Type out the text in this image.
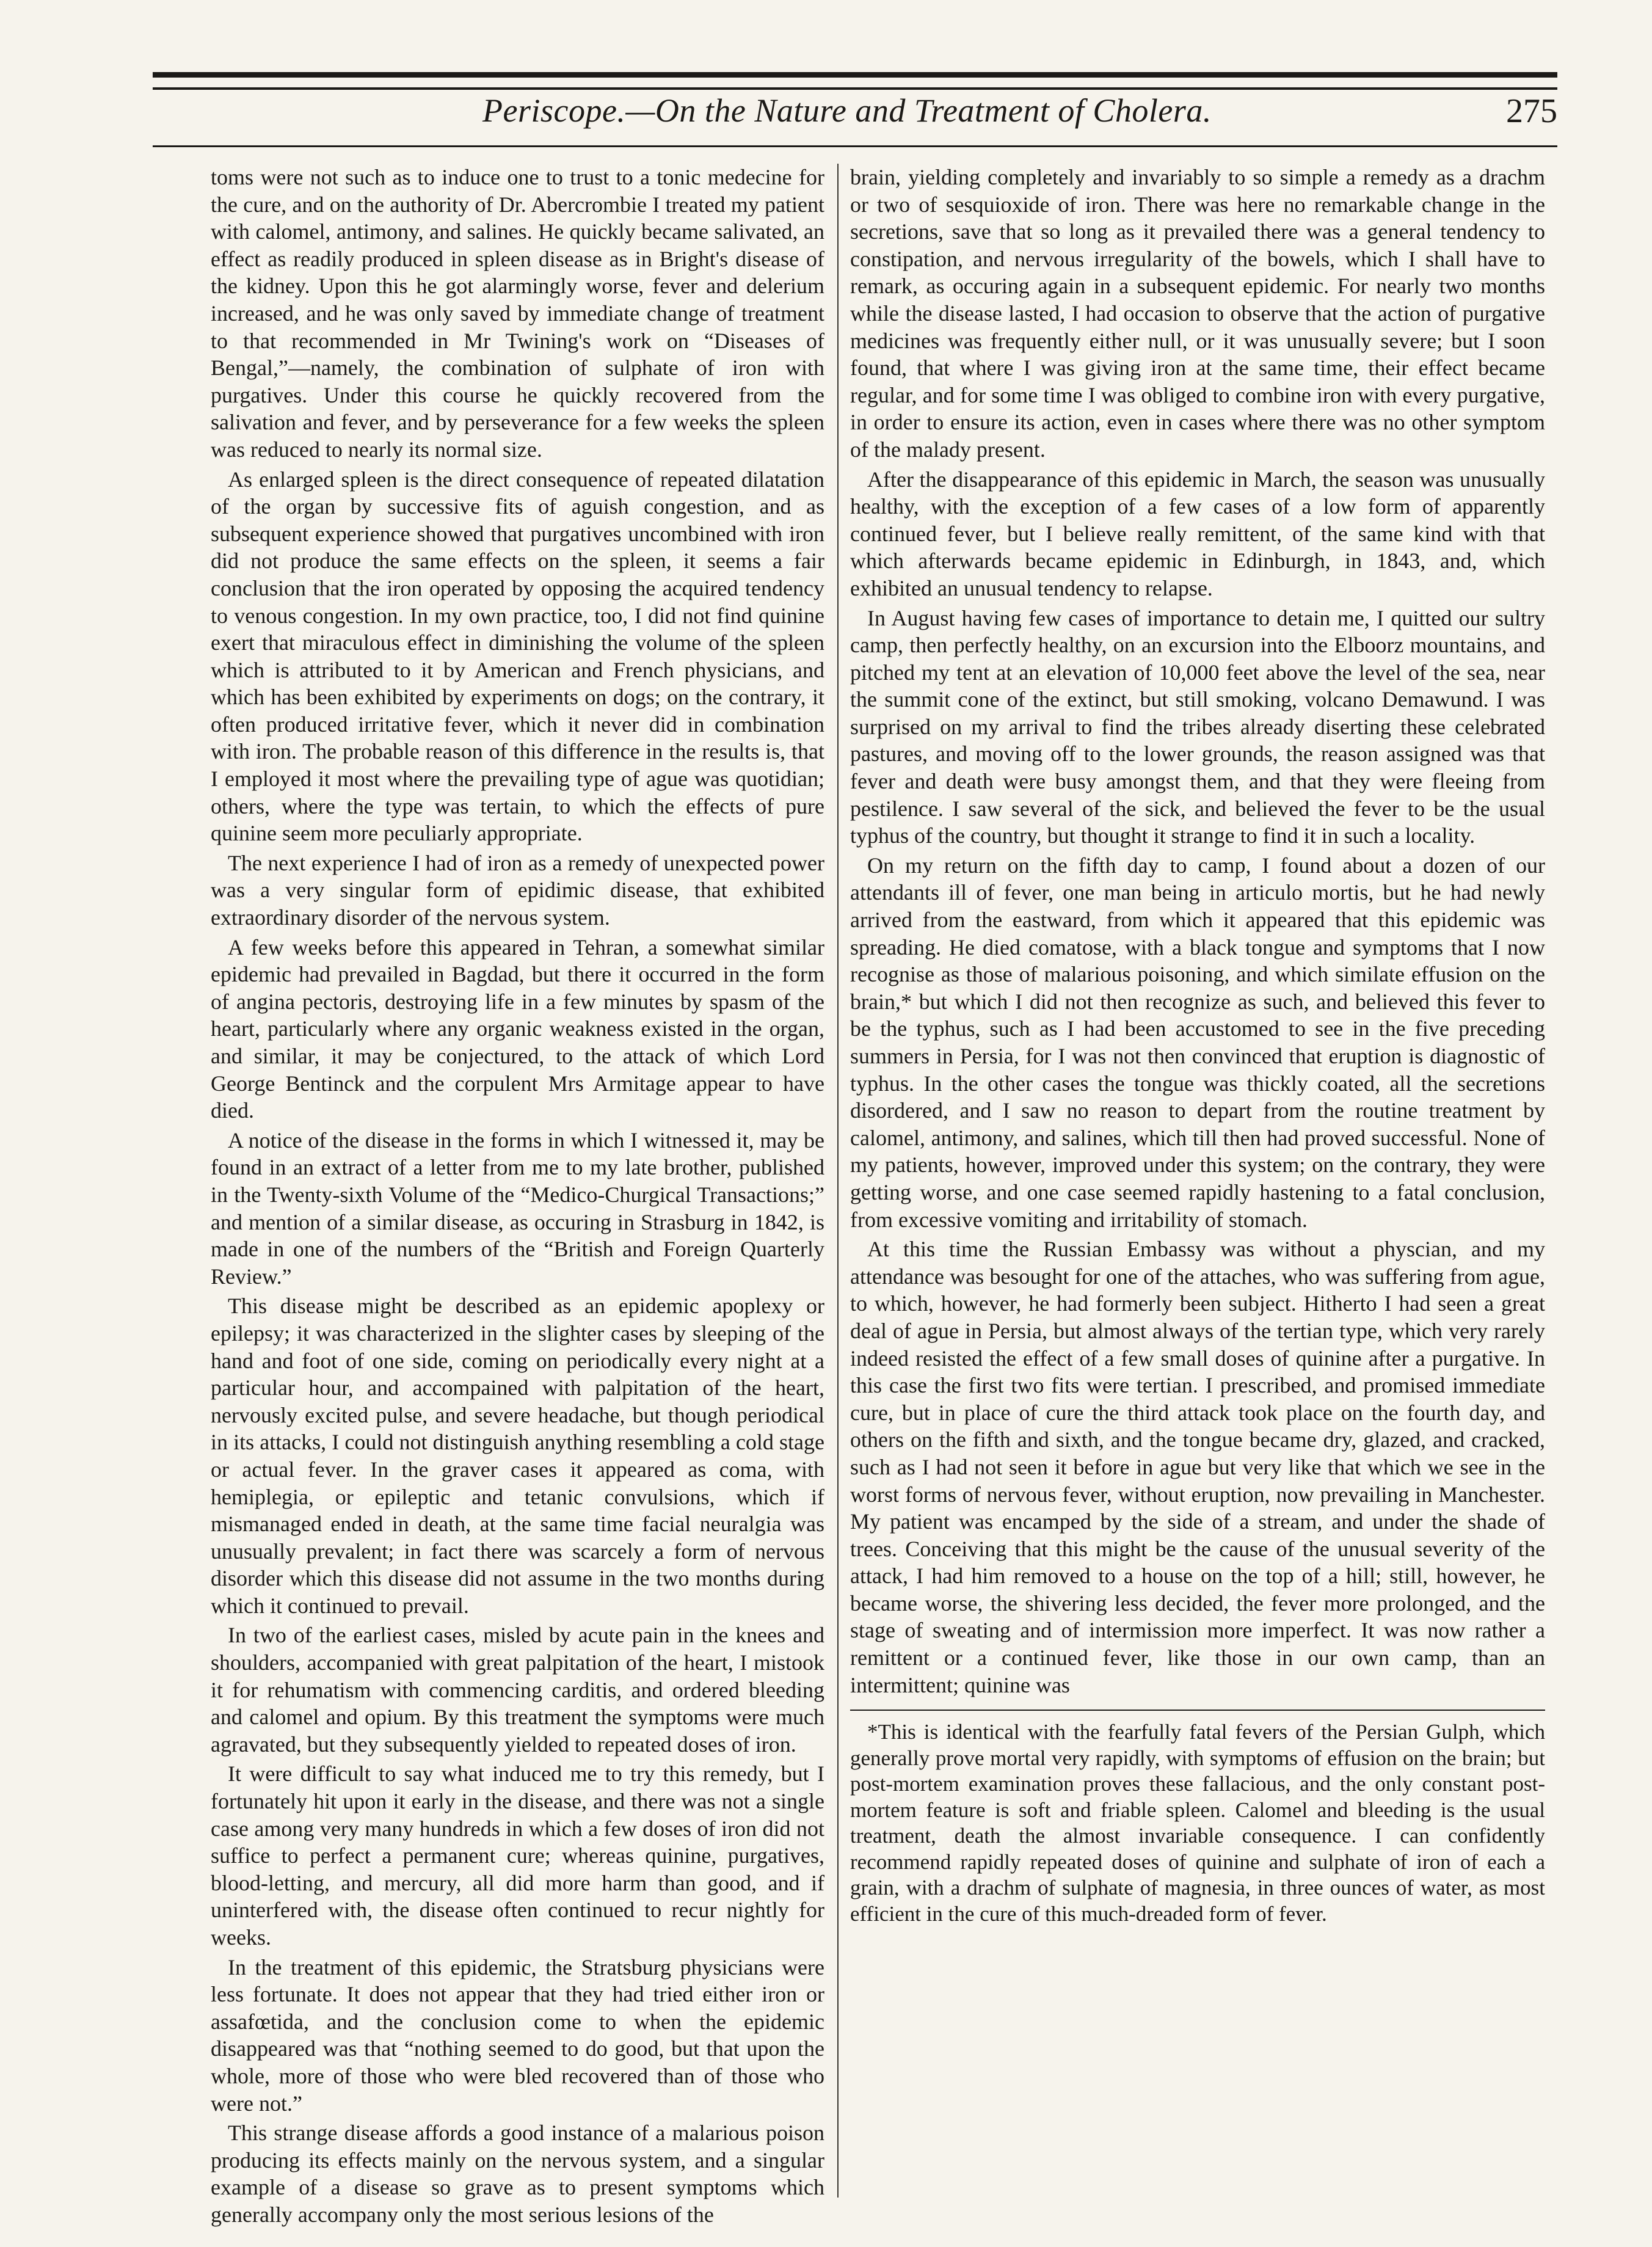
Periscope.—On the Nature and Treatment of Cholera.	275

toms were not such as to induce one to trust to a tonic medecine for the cure, and on the authority of Dr. Abercrombie I treated my patient with calomel, antimony, and salines. He quickly became salivated, an effect as readily produced in spleen disease as in Bright's disease of the kidney. Upon this he got alarmingly worse, fever and delerium increased, and he was only saved by immediate change of treatment to that recommended in Mr Twining's work on “Diseases of Bengal,”—namely, the combination of sulphate of iron with purgatives. Under this course he quickly recovered from the salivation and fever, and by perseverance for a few weeks the spleen was reduced to nearly its normal size.

As enlarged spleen is the direct consequence of repeated dilatation of the organ by successive fits of aguish congestion, and as subsequent experience showed that purgatives uncombined with iron did not produce the same effects on the spleen, it seems a fair conclusion that the iron operated by opposing the acquired tendency to venous congestion. In my own practice, too, I did not find quinine exert that miraculous effect in diminishing the volume of the spleen which is attributed to it by American and French physicians, and which has been exhibited by experiments on dogs; on the contrary, it often produced irritative fever, which it never did in combination with iron. The probable reason of this difference in the results is, that I employed it most where the prevailing type of ague was quotidian; others, where the type was tertain, to which the effects of pure quinine seem more peculiarly appropriate.

The next experience I had of iron as a remedy of unexpected power was a very singular form of epidimic disease, that exhibited extraordinary disorder of the nervous system.

A few weeks before this appeared in Tehran, a somewhat similar epidemic had prevailed in Bagdad, but there it occurred in the form of angina pectoris, destroying life in a few minutes by spasm of the heart, particularly where any organic weakness existed in the organ, and similar, it may be conjectured, to the attack of which Lord George Bentinck and the corpulent Mrs Armitage appear to have died.

A notice of the disease in the forms in which I witnessed it, may be found in an extract of a letter from me to my late brother, published in the Twenty-sixth Volume of the “Medico-Churgical Transactions;” and mention of a similar disease, as occuring in Strasburg in 1842, is made in one of the numbers of the “British and Foreign Quarterly Review.”

This disease might be described as an epidemic apoplexy or epilepsy; it was characterized in the slighter cases by sleeping of the hand and foot of one side, coming on periodically every night at a particular hour, and accompained with palpitation of the heart, nervously excited pulse, and severe headache, but though periodical in its attacks, I could not distinguish anything resembling a cold stage or actual fever. In the graver cases it appeared as coma, with hemiplegia, or epileptic and tetanic convulsions, which if mismanaged ended in death, at the same time facial neuralgia was unusually prevalent; in fact there was scarcely a form of nervous disorder which this disease did not assume in the two months during which it continued to prevail.

In two of the earliest cases, misled by acute pain in the knees and shoulders, accompanied with great palpitation of the heart, I mistook it for rehumatism with commencing carditis, and ordered bleeding and calomel and opium. By this treatment the symptoms were much agravated, but they subsequently yielded to repeated doses of iron.

It were difficult to say what induced me to try this remedy, but I fortunately hit upon it early in the disease, and there was not a single case among very many hundreds in which a few doses of iron did not suffice to perfect a permanent cure; whereas quinine, purgatives, blood-letting, and mercury, all did more harm than good, and if uninterfered with, the disease often continued to recur nightly for weeks.

In the treatment of this epidemic, the Stratsburg physicians were less fortunate. It does not appear that they had tried either iron or assafœtida, and the conclusion come to when the epidemic disappeared was that “nothing seemed to do good, but that upon the whole, more of those who were bled recovered than of those who were not.”

This strange disease affords a good instance of a malarious poison producing its effects mainly on the nervous system, and a singular example of a disease so grave as to present symptoms which generally accompany only the most serious lesions of the

brain, yielding completely and invariably to so simple a remedy as a drachm or two of sesquioxide of iron. There was here no remarkable change in the secretions, save that so long as it prevailed there was a general tendency to constipation, and nervous irregularity of the bowels, which I shall have to remark, as occuring again in a subsequent epidemic. For nearly two months while the disease lasted, I had occasion to observe that the action of purgative medicines was frequently either null, or it was unusually severe; but I soon found, that where I was giving iron at the same time, their effect became regular, and for some time I was obliged to combine iron with every purgative, in order to ensure its action, even in cases where there was no other symptom of the malady present.

After the disappearance of this epidemic in March, the season was unusually healthy, with the exception of a few cases of a low form of apparently continued fever, but I believe really remittent, of the same kind with that which afterwards became epidemic in Edinburgh, in 1843, and, which exhibited an unusual tendency to relapse.

In August having few cases of importance to detain me, I quitted our sultry camp, then perfectly healthy, on an excursion into the Elboorz mountains, and pitched my tent at an elevation of 10,000 feet above the level of the sea, near the summit cone of the extinct, but still smoking, volcano Demawund. I was surprised on my arrival to find the tribes already diserting these celebrated pastures, and moving off to the lower grounds, the reason assigned was that fever and death were busy amongst them, and that they were fleeing from pestilence. I saw several of the sick, and believed the fever to be the usual typhus of the country, but thought it strange to find it in such a locality.

On my return on the fifth day to camp, I found about a dozen of our attendants ill of fever, one man being in articulo mortis, but he had newly arrived from the eastward, from which it appeared that this epidemic was spreading. He died comatose, with a black tongue and symptoms that I now recognise as those of malarious poisoning, and which similate effusion on the brain,* but which I did not then recognize as such, and believed this fever to be the typhus, such as I had been accustomed to see in the five preceding summers in Persia, for I was not then convinced that eruption is diagnostic of typhus. In the other cases the tongue was thickly coated, all the secretions disordered, and I saw no reason to depart from the routine treatment by calomel, antimony, and salines, which till then had proved successful. None of my patients, however, improved under this system; on the contrary, they were getting worse, and one case seemed rapidly hastening to a fatal conclusion, from excessive vomiting and irritability of stomach.

At this time the Russian Embassy was without a physcian, and my attendance was besought for one of the attaches, who was suffering from ague, to which, however, he had formerly been subject. Hitherto I had seen a great deal of ague in Persia, but almost always of the tertian type, which very rarely indeed resisted the effect of a few small doses of quinine after a purgative. In this case the first two fits were tertian. I prescribed, and promised immediate cure, but in place of cure the third attack took place on the fourth day, and others on the fifth and sixth, and the tongue became dry, glazed, and cracked, such as I had not seen it before in ague but very like that which we see in the worst forms of nervous fever, without eruption, now prevailing in Manchester. My patient was encamped by the side of a stream, and under the shade of trees. Conceiving that this might be the cause of the unusual severity of the attack, I had him removed to a house on the top of a hill; still, however, he became worse, the shivering less decided, the fever more prolonged, and the stage of sweating and of intermission more imperfect. It was now rather a remittent or a continued fever, like those in our own camp, than an intermittent; quinine was

*This is identical with the fearfully fatal fevers of the Persian Gulph, which generally prove mortal very rapidly, with symptoms of effusion on the brain; but post-mortem examination proves these fallacious, and the only constant post-mortem feature is soft and friable spleen. Calomel and bleeding is the usual treatment, death the almost invariable consequence. I can confidently recommend rapidly repeated doses of quinine and sulphate of iron of each a grain, with a drachm of sulphate of magnesia, in three ounces of water, as most efficient in the cure of this much-dreaded form of fever.
